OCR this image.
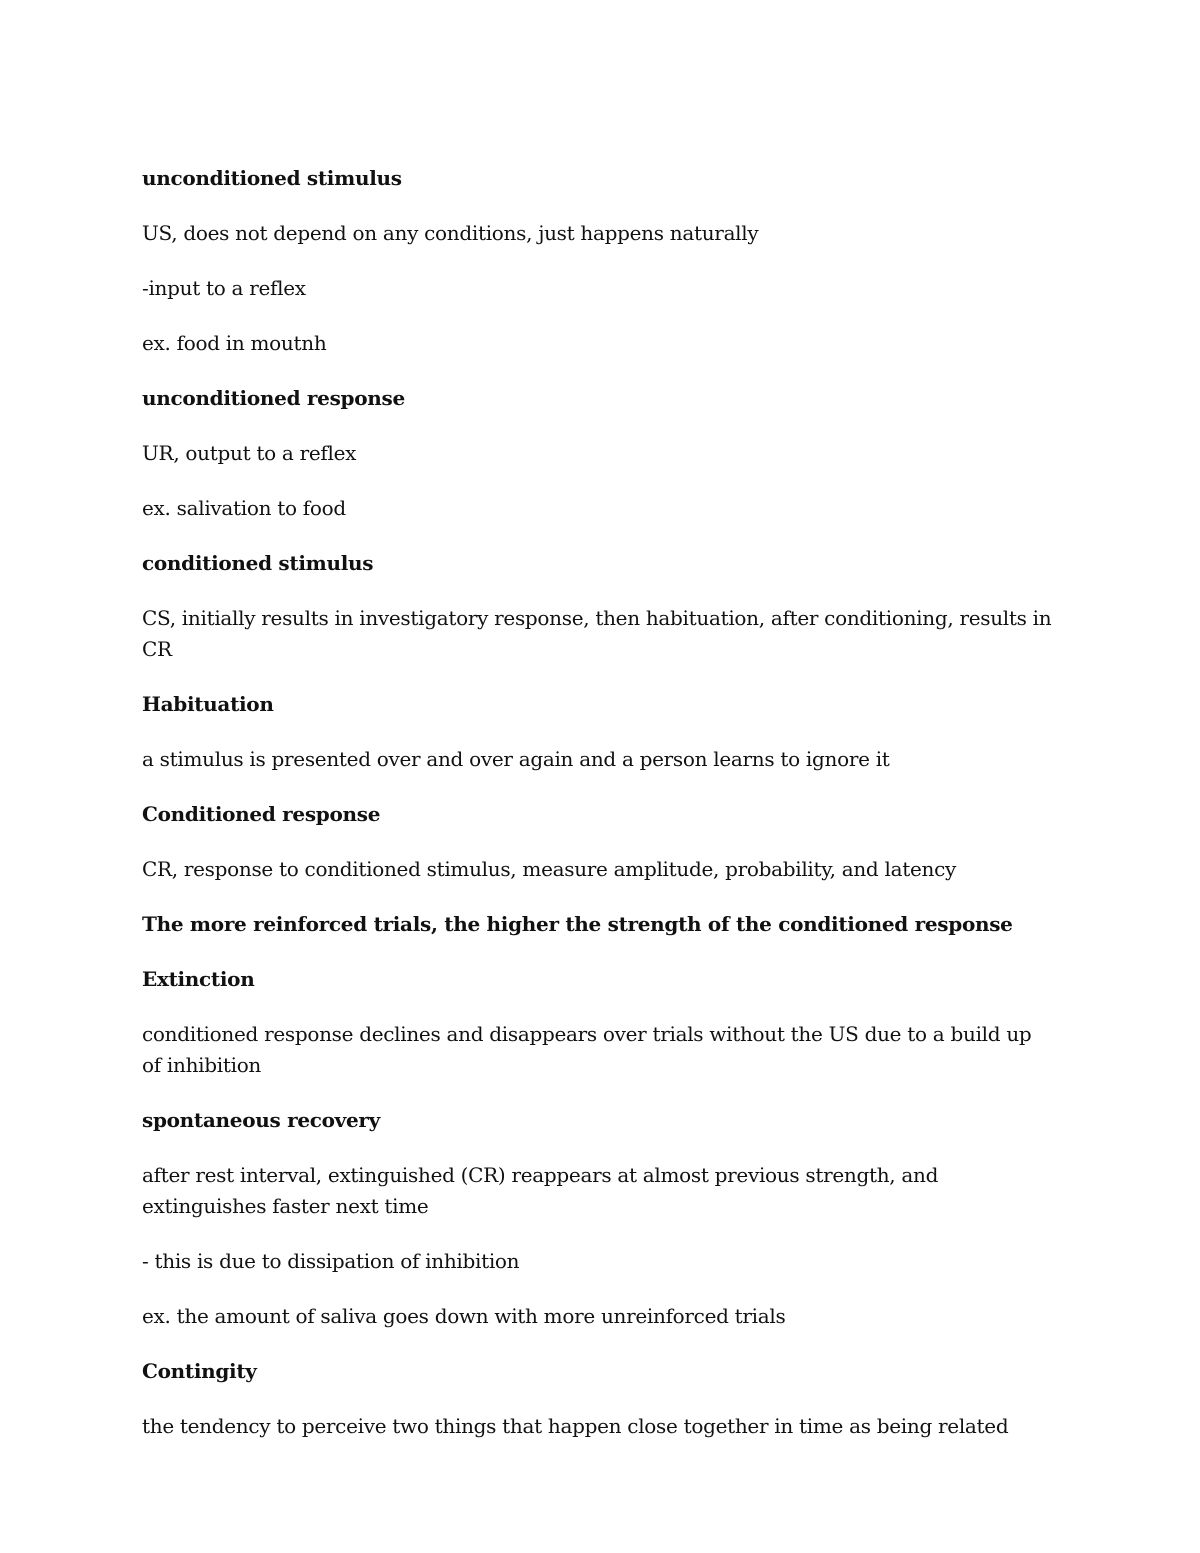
unconditioned stimulus

US, does not depend on any conditions, just happens naturally

-input to a reflex

ex. food in moutnh

unconditioned response

UR, output to a reflex

ex. salivation to food

conditioned stimulus

CS, initially results in investigatory response, then habituation, after conditioning, results in CR

Habituation

a stimulus is presented over and over again and a person learns to ignore it

Conditioned response

CR, response to conditioned stimulus, measure amplitude, probability, and latency

The more reinforced trials, the higher the strength of the conditioned response

Extinction

conditioned response declines and disappears over trials without the US due to a build up of inhibition

spontaneous recovery

after rest interval, extinguished (CR) reappears at almost previous strength, and extinguishes faster next time

- this is due to dissipation of inhibition

ex. the amount of saliva goes down with more unreinforced trials

Contingity

the tendency to perceive two things that happen close together in time as being related
